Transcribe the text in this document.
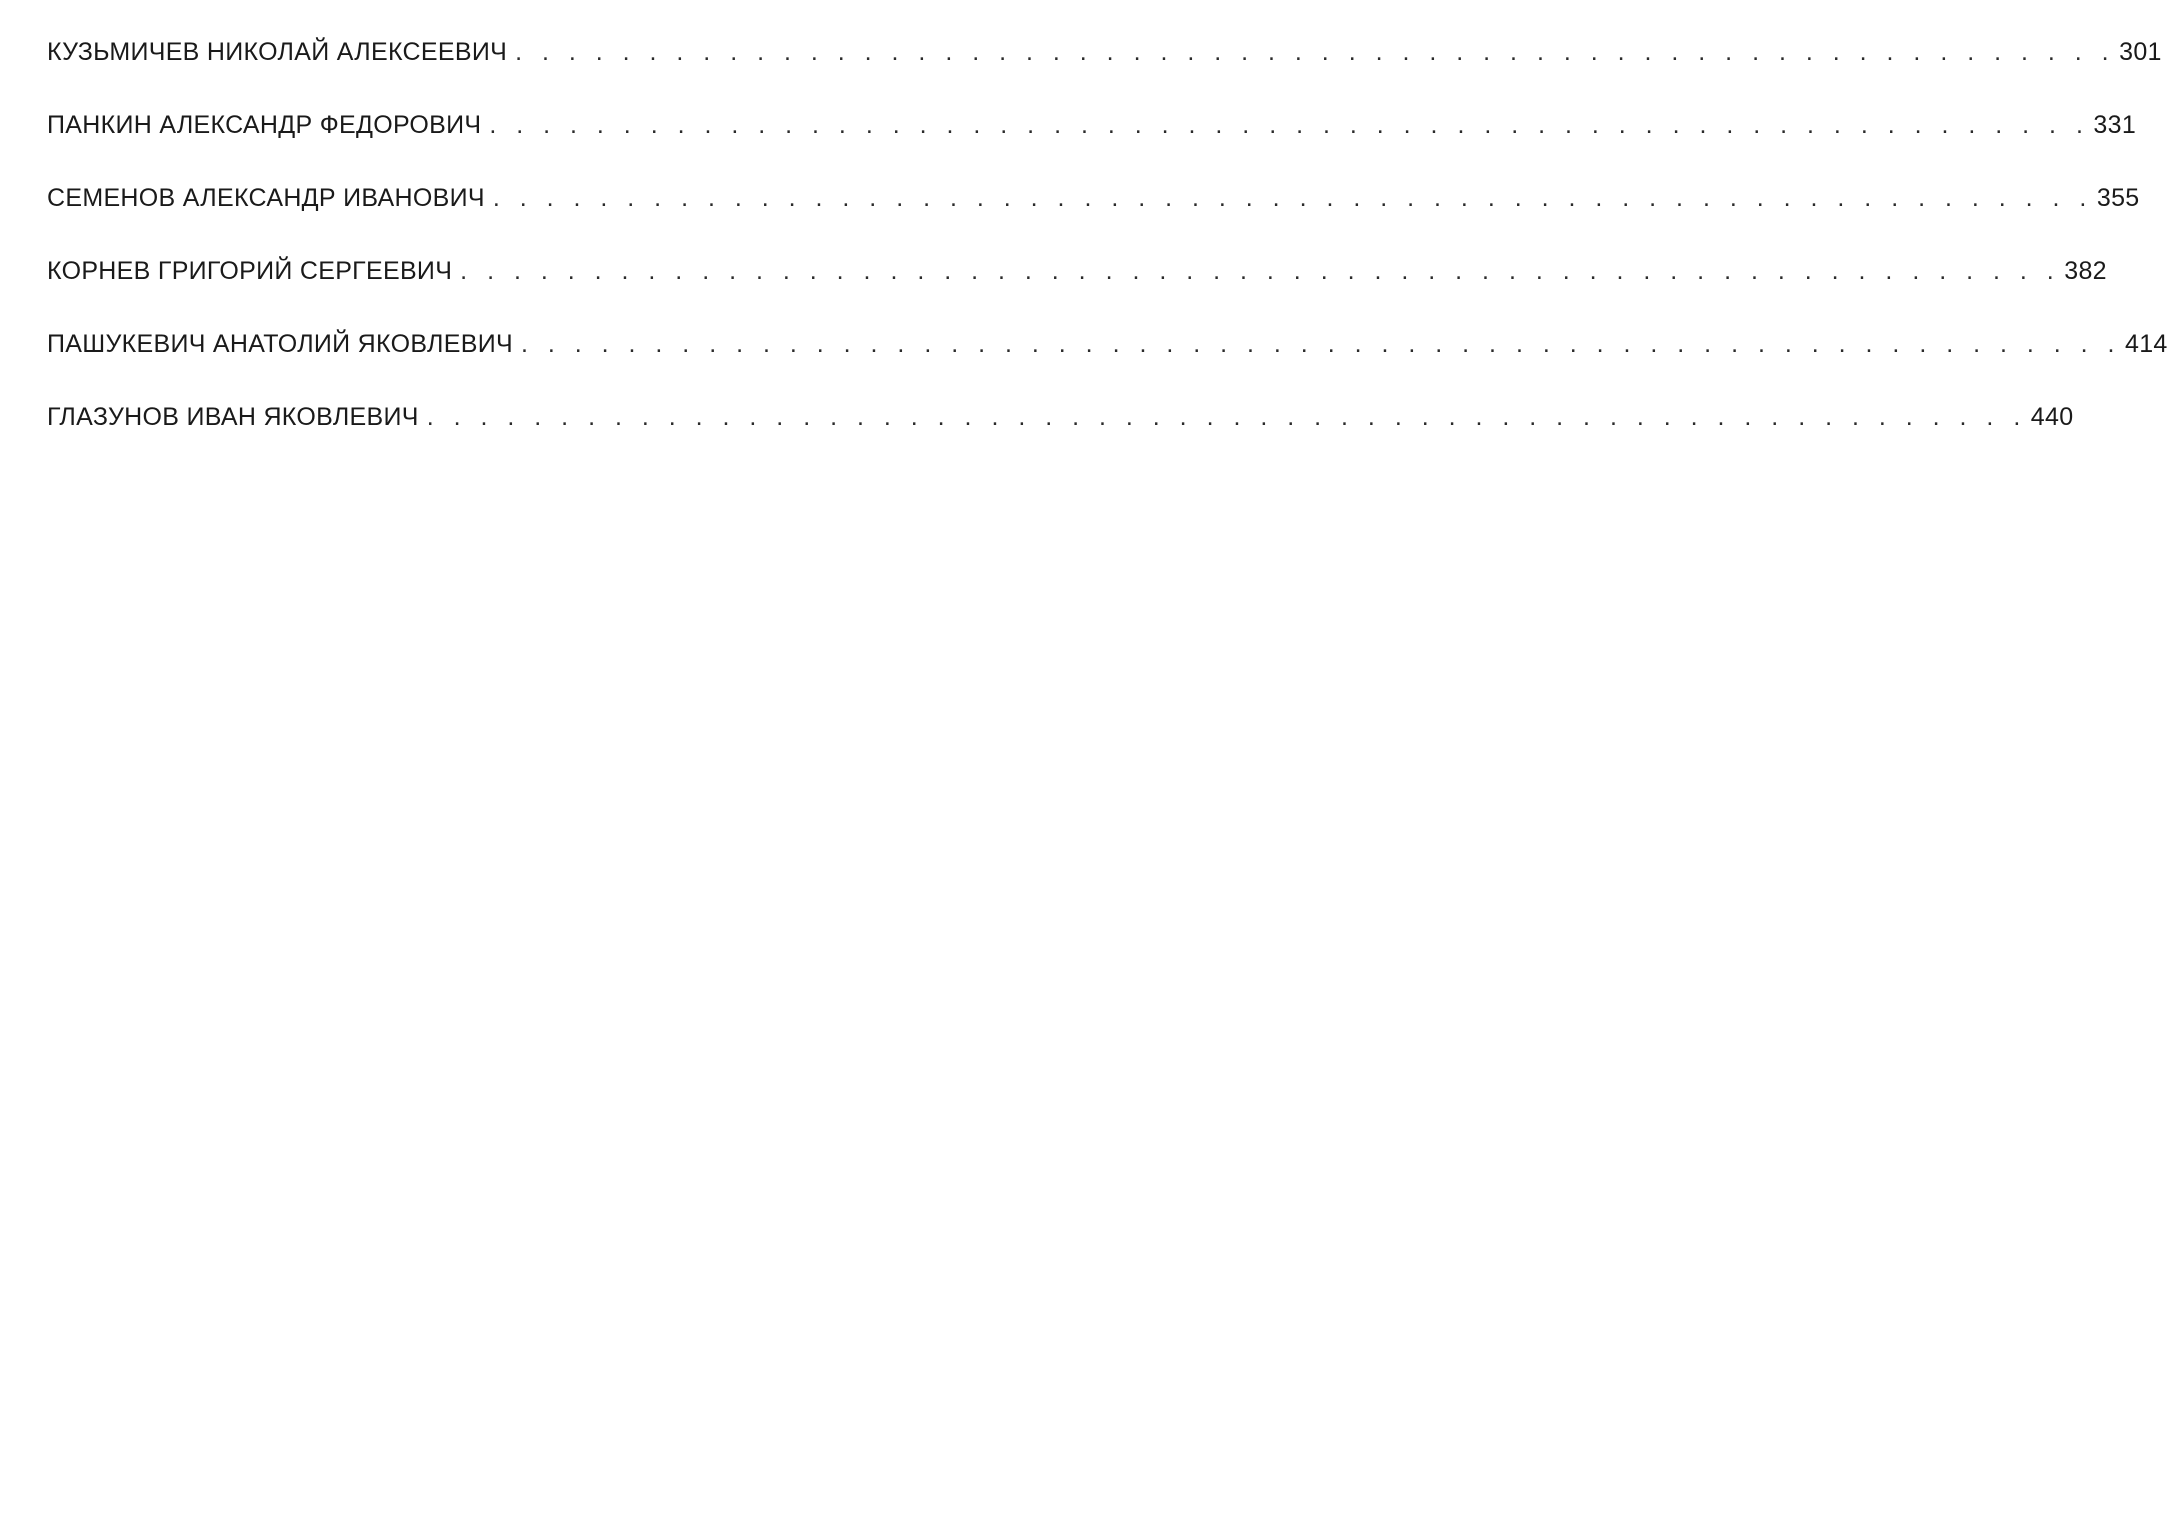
КУЗЬМИЧЕВ НИКОЛАЙ АЛЕКСЕЕВИЧ . . . . . . . . . . . . . . . . . . . . . . . . . . . . . . . . . . . . . . . . . . . . . . . . . . . . . . . . . . . . 301
ПАНКИН АЛЕКСАНДР ФЕДОРОВИЧ . . . . . . . . . . . . . . . . . . . . . . . . . . . . . . . . . . . . . . . . . . . . . . . . . . . . . . . . . . . . 331
СЕМЕНОВ АЛЕКСАНДР ИВАНОВИЧ . . . . . . . . . . . . . . . . . . . . . . . . . . . . . . . . . . . . . . . . . . . . . . . . . . . . . . . . . . . . 355
КОРНЕВ ГРИГОРИЙ СЕРГЕЕВИЧ . . . . . . . . . . . . . . . . . . . . . . . . . . . . . . . . . . . . . . . . . . . . . . . . . . . . . . . . . . . . 382
ПАШУКЕВИЧ АНАТОЛИЙ ЯКОВЛЕВИЧ . . . . . . . . . . . . . . . . . . . . . . . . . . . . . . . . . . . . . . . . . . . . . . . . . . . . . . . . . . . . 414
ГЛАЗУНОВ ИВАН ЯКОВЛЕВИЧ . . . . . . . . . . . . . . . . . . . . . . . . . . . . . . . . . . . . . . . . . . . . . . . . . . . . . . . . . . . . 440
